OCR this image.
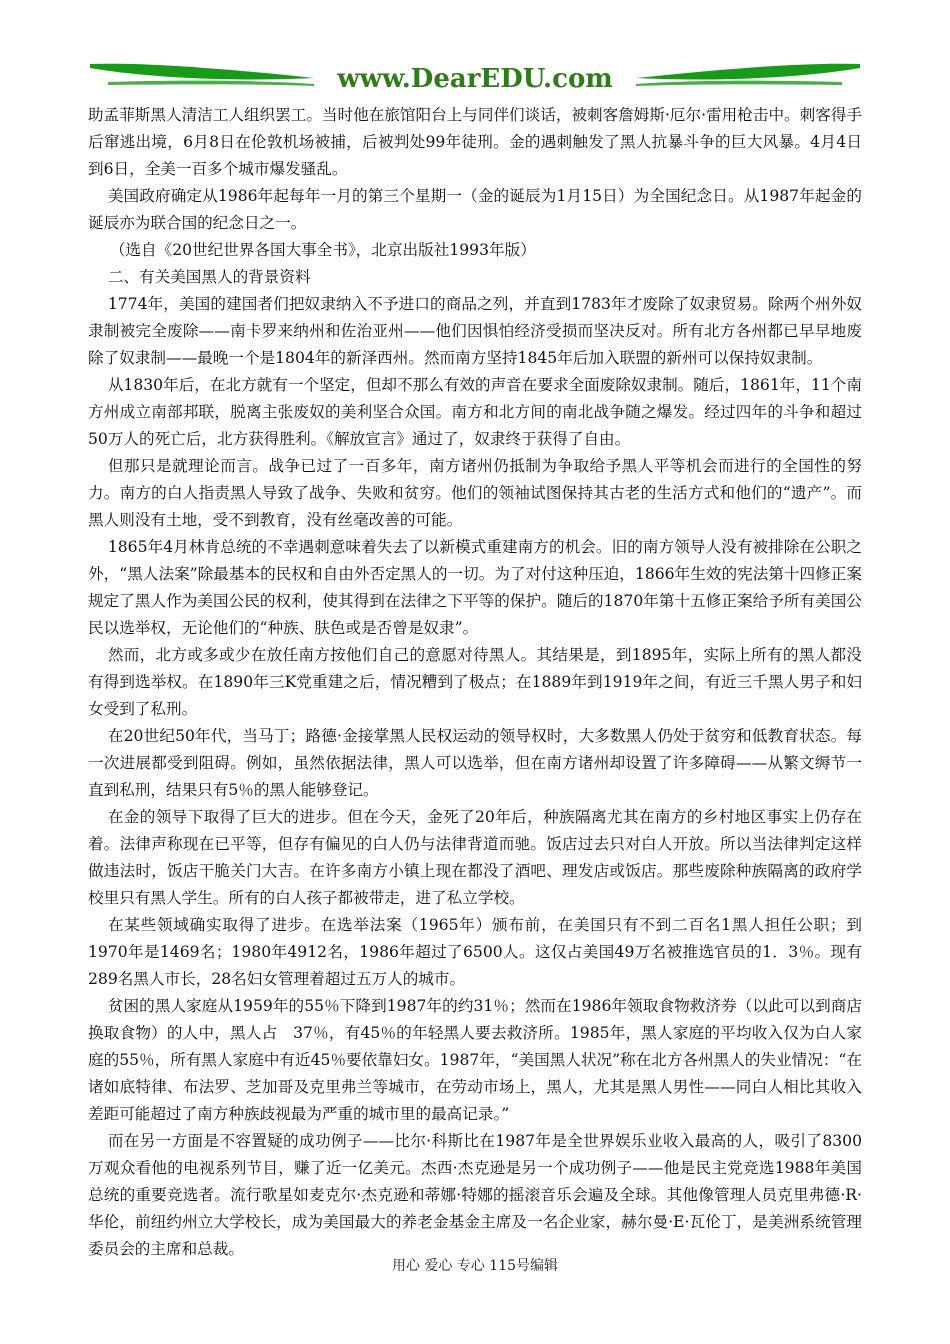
www.DearEDU.com

助孟菲斯黑人清洁工人组织罢工。当时他在旅馆阳台上与同伴们谈话，被刺客詹姆斯·厄尔·雷用枪击中。刺客得手后窜逃出境，6月8日在伦敦机场被捕，后被判处99年徒刑。金的遇刺触发了黑人抗暴斗争的巨大风暴。4月4日到6日，全美一百多个城市爆发骚乱。

美国政府确定从1986年起每年一月的第三个星期一（金的诞辰为1月15日）为全国纪念日。从1987年起金的诞辰亦为联合国的纪念日之一。

（选自《20世纪世界各国大事全书》，北京出版社1993年版）

二、有关美国黑人的背景资料

1774年，美国的建国者们把奴隶纳入不予进口的商品之列，并直到1783年才废除了奴隶贸易。除两个州外奴隶制被完全废除——南卡罗来纳州和佐治亚州——他们因惧怕经济受损而坚决反对。所有北方各州都已早早地废除了奴隶制——最晚一个是1804年的新泽西州。然而南方坚持1845年后加入联盟的新州可以保持奴隶制。

从1830年后，在北方就有一个坚定，但却不那么有效的声音在要求全面废除奴隶制。随后，1861年，11个南方州成立南部邦联，脱离主张废奴的美利坚合众国。南方和北方间的南北战争随之爆发。经过四年的斗争和超过50万人的死亡后，北方获得胜利。《解放宣言》通过了，奴隶终于获得了自由。

但那只是就理论而言。战争已过了一百多年，南方诸州仍抵制为争取给予黑人平等机会而进行的全国性的努力。南方的白人指责黑人导致了战争、失败和贫穷。他们的领袖试图保持其古老的生活方式和他们的“遗产”。而黑人则没有土地，受不到教育，没有丝毫改善的可能。

1865年4月林肯总统的不幸遇刺意味着失去了以新模式重建南方的机会。旧的南方领导人没有被排除在公职之外，“黑人法案”除最基本的民权和自由外否定黑人的一切。为了对付这种压迫，1866年生效的宪法第十四修正案规定了黑人作为美国公民的权利，使其得到在法律之下平等的保护。随后的1870年第十五修正案给予所有美国公民以选举权，无论他们的“种族、肤色或是否曾是奴隶”。

然而，北方或多或少在放任南方按他们自己的意愿对待黑人。其结果是，到1895年，实际上所有的黑人都没有得到选举权。在1890年三K党重建之后，情况糟到了极点；在1889年到1919年之间，有近三千黑人男子和妇女受到了私刑。

在20世纪50年代，当马丁；路德·金接掌黑人民权运动的领导权时，大多数黑人仍处于贫穷和低教育状态。每一次进展都受到阻碍。例如，虽然依据法律，黑人可以选举，但在南方诸州却设置了许多障碍——从繁文缛节一直到私刑，结果只有5％的黑人能够登记。

在金的领导下取得了巨大的进步。但在今天，金死了20年后，种族隔离尤其在南方的乡村地区事实上仍存在着。法律声称现在已平等，但存有偏见的白人仍与法律背道而驰。饭店过去只对白人开放。所以当法律判定这样做违法时，饭店干脆关门大吉。在许多南方小镇上现在都没了酒吧、理发店或饭店。那些废除种族隔离的政府学校里只有黑人学生。所有的白人孩子都被带走，进了私立学校。

在某些领域确实取得了进步。在选举法案（1965年）颁布前，在美国只有不到二百名1黑人担任公职；到1970年是1469名；1980年4912名，1986年超过了6500人。这仅占美国49万名被推选官员的1．3％。现有289名黑人市长，28名妇女管理着超过五万人的城市。

贫困的黑人家庭从1959年的55％下降到1987年的约31％；然而在1986年领取食物救济券（以此可以到商店换取食物）的人中，黑人占　37％，有45％的年轻黑人要去救济所。1985年，黑人家庭的平均收入仅为白人家庭的55％，所有黑人家庭中有近45％要依靠妇女。1987年，“美国黑人状况”称在北方各州黑人的失业情况：“在诸如底特律、布法罗、芝加哥及克里弗兰等城市，在劳动市场上，黑人，尤其是黑人男性——同白人相比其收入差距可能超过了南方种族歧视最为严重的城市里的最高记录。”

而在另一方面是不容置疑的成功例子——比尔·科斯比在1987年是全世界娱乐业收入最高的人，吸引了8300万观众看他的电视系列节目，赚了近一亿美元。杰西·杰克逊是另一个成功例子——他是民主党竞选1988年美国总统的重要竞选者。流行歌星如麦克尔·杰克逊和蒂娜·特娜的摇滚音乐会遍及全球。其他像管理人员克里弗德·R·华伦，前纽约州立大学校长，成为美国最大的养老金基金主席及一名企业家，赫尔曼·E·瓦伦丁，是美洲系统管理委员会的主席和总裁。

用心 爱心 专心 115号编辑
